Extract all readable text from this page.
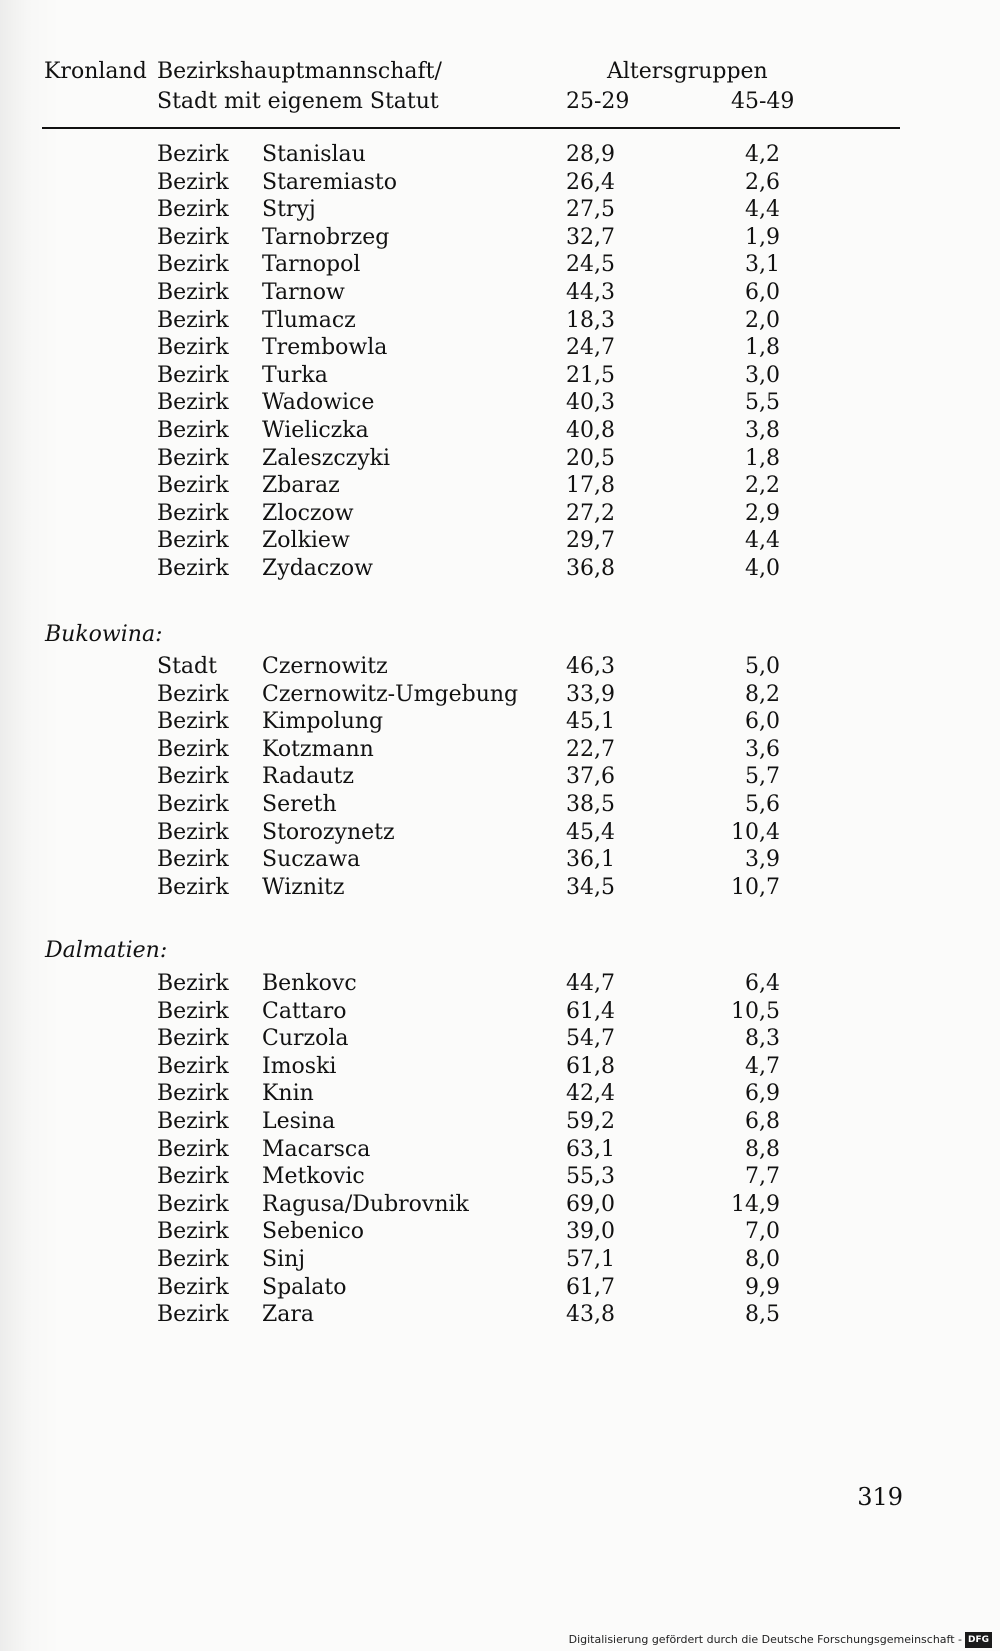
Kronland Bezirkshauptmannschaft/
Stadt mit eigenem Statut
Altersgruppen
25-29	45-49
Bezirk Stanislau	28,9	4,2
Bezirk Staremiasto	26,4	2,6
Bezirk Stryj	27,5	4,4
Bezirk Tarnobrzeg	32,7	1,9
Bezirk Tarnopol	24,5	3,1
Bezirk Tarnow	44,3	6,0
Bezirk Tlumacz	18,3	2,0
Bezirk Trembowla	24,7	1,8
Bezirk Turka	21,5	3,0
Bezirk Wadowice	40,3	5,5
Bezirk Wieliczka	40,8	3,8
Bezirk Zaleszczyki	20,5	1,8
Bezirk Zbaraz	17,8	2,2
Bezirk Zloczow	27,2	2,9
Bezirk Zolkiew	29,7	4,4
Bezirk Zydaczow	36,8	4,0
Bukowina:
Stadt Czernowitz	46,3	5,0
Bezirk Czernowitz-Umgebung 33,9	8,2
Bezirk Kimpolung	45,1	6,0
Bezirk Kotzmann	22,7	3,6
Bezirk Radautz	37,6	5,7
Bezirk Sereth	38,5	5,6
Bezirk Storozynetz	45,4	10,4
Bezirk Suczawa	36,1	3,9
Bezirk Wiznitz	34,5	10,7
Dalmatien:
Bezirk Benkovc	44,7	6,4
Bezirk Cattaro	61,4	10,5
Bezirk Curzola	54,7	8,3
Bezirk Imoski	61,8	4,7
Bezirk Knin	42,4	6,9
Bezirk Lesina	59,2	6,8
Bezirk Macarsca	63,1	8,8
Bezirk Metkovic	55,3	7,7
Bezirk Ragusa/Dubrovnik	69,0	14,9
Bezirk Sebenico	39,0	7,0
Bezirk Sinj	57,1	8,0
Bezirk Spalato	61,7	9,9
Bezirk Zara	43,8	8,5
319
Digitalisierung gefördert durch die Deutsche Forschungsgemeinschaft - DFG
